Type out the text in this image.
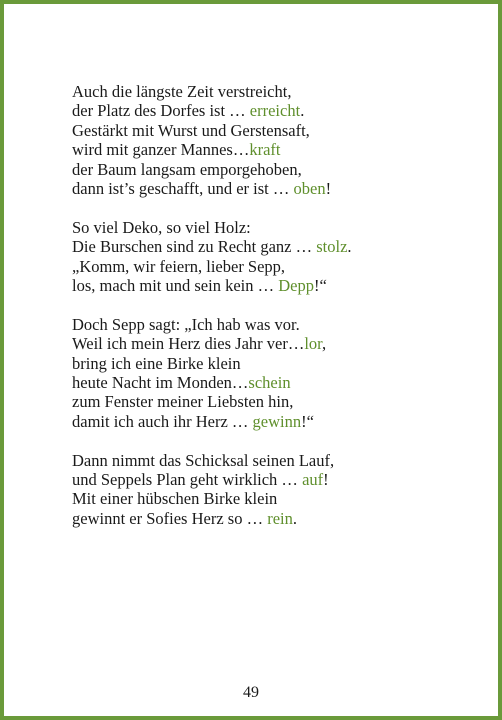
Auch die längste Zeit verstreicht,
der Platz des Dorfes ist … erreicht.
Gestärkt mit Wurst und Gerstensaft,
wird mit ganzer Mannes…kraft
der Baum langsam emporgehoben,
dann ist’s geschafft, und er ist … oben!
So viel Deko, so viel Holz:
Die Burschen sind zu Recht ganz … stolz.
„Komm, wir feiern, lieber Sepp,
los, mach mit und sein kein … Depp!“
Doch Sepp sagt: „Ich hab was vor.
Weil ich mein Herz dies Jahr ver…lor,
bring ich eine Birke klein
heute Nacht im Monden…schein
zum Fenster meiner Liebsten hin,
damit ich auch ihr Herz … gewinn!“
Dann nimmt das Schicksal seinen Lauf,
und Seppels Plan geht wirklich … auf!
Mit einer hübschen Birke klein
gewinnt er Sofies Herz so … rein.
49
